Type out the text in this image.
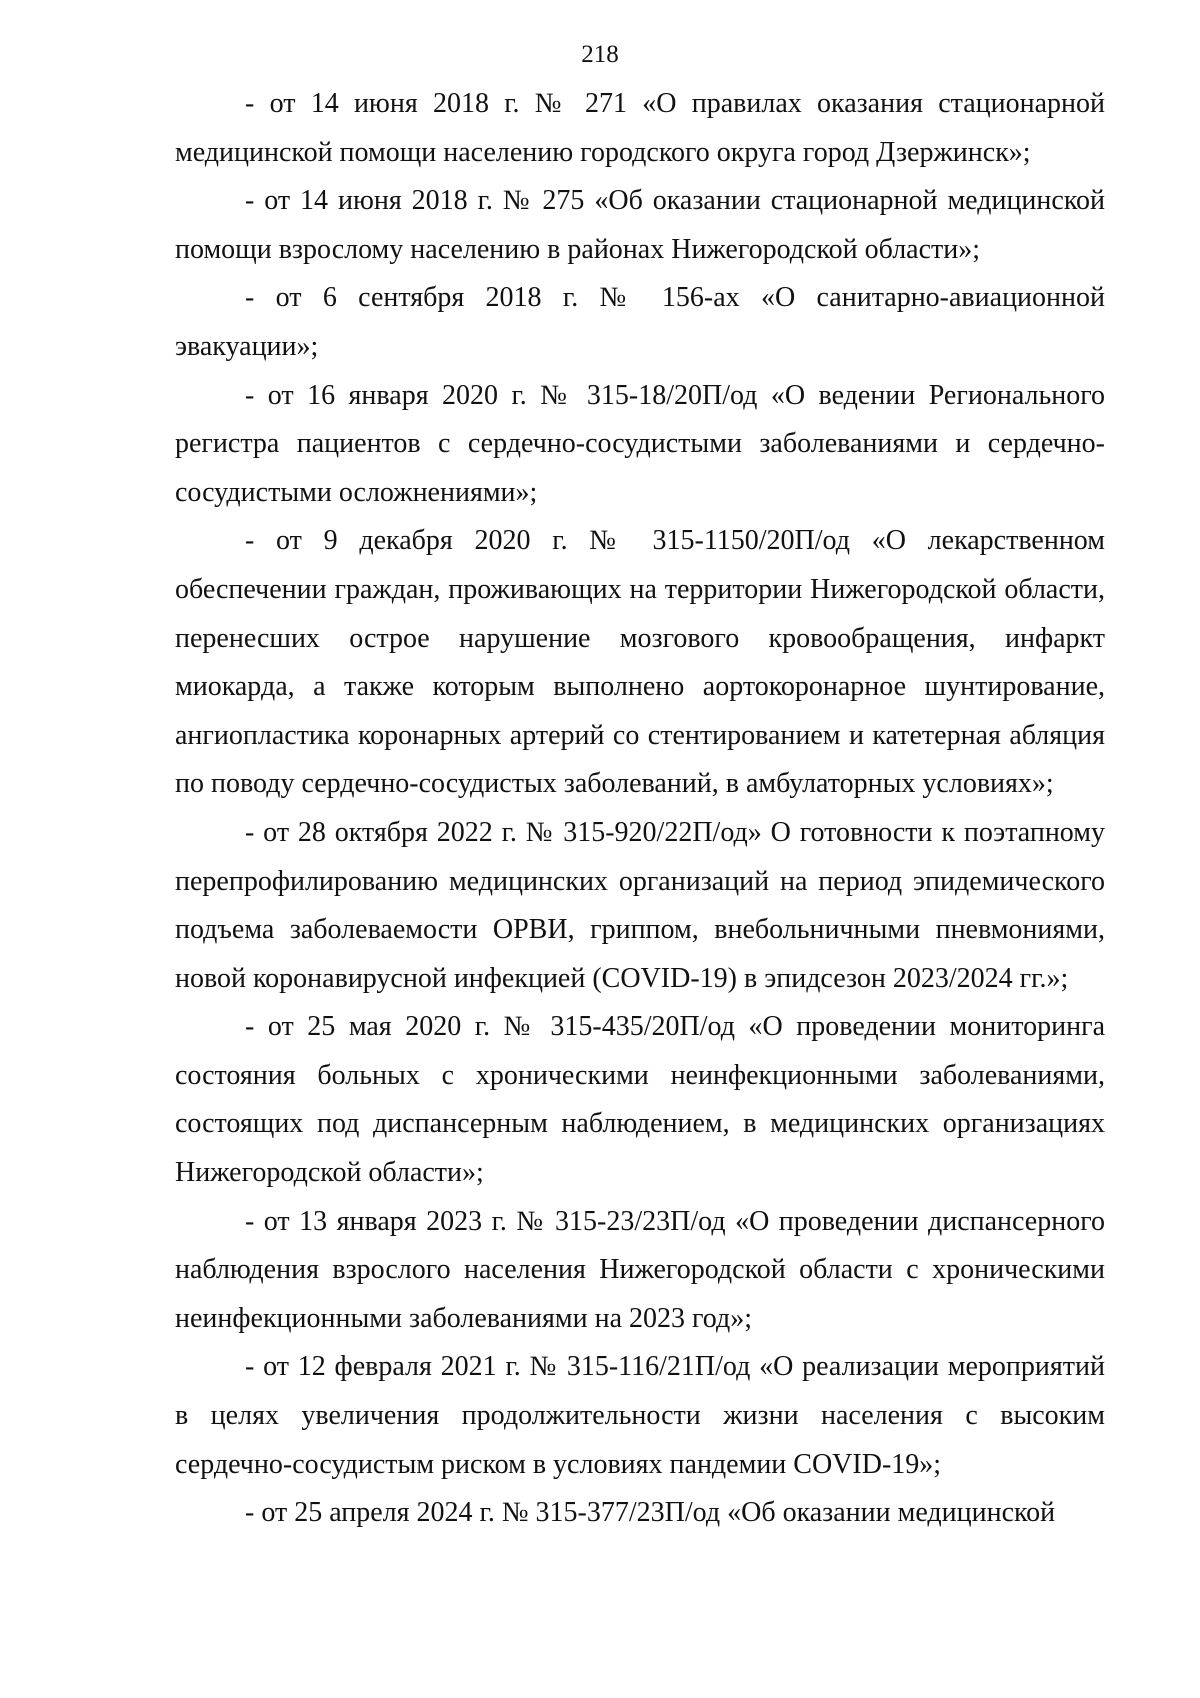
218

- от 14 июня 2018 г. № 271 «О правилах оказания стационарной медицинской помощи населению городского округа город Дзержинск»;

- от 14 июня 2018 г. № 275 «Об оказании стационарной медицинской помощи взрослому населению в районах Нижегородской области»;

- от 6 сентября 2018 г. № 156-ах «О санитарно-авиационной эвакуации»;

- от 16 января 2020 г. № 315-18/20П/од «О ведении Регионального регистра пациентов с сердечно-сосудистыми заболеваниями и сердечно-сосудистыми осложнениями»;

- от 9 декабря 2020 г. № 315-1150/20П/од «О лекарственном обеспечении граждан, проживающих на территории Нижегородской области, перенесших острое нарушение мозгового кровообращения, инфаркт миокарда, а также которым выполнено аортокоронарное шунтирование, ангиопластика коронарных артерий со стентированием и катетерная абляция по поводу сердечно-сосудистых заболеваний, в амбулаторных условиях»;

- от 28 октября 2022 г. № 315-920/22П/од» О готовности к поэтапному перепрофилированию медицинских организаций на период эпидемического подъема заболеваемости ОРВИ, гриппом, внебольничными пневмониями, новой коронавирусной инфекцией (COVID-19) в эпидсезон 2023/2024 гг.»;

- от 25 мая 2020 г. № 315-435/20П/од «О проведении мониторинга состояния больных с хроническими неинфекционными заболеваниями, состоящих под диспансерным наблюдением, в медицинских организациях Нижегородской области»;

- от 13 января 2023 г. № 315-23/23П/од «О проведении диспансерного наблюдения взрослого населения Нижегородской области с хроническими неинфекционными заболеваниями на 2023 год»;

- от 12 февраля 2021 г. № 315-116/21П/од «О реализации мероприятий в целях увеличения продолжительности жизни населения с высоким сердечно-сосудистым риском в условиях пандемии COVID-19»;

- от 25 апреля 2024 г. № 315-377/23П/од «Об оказании медицинской
